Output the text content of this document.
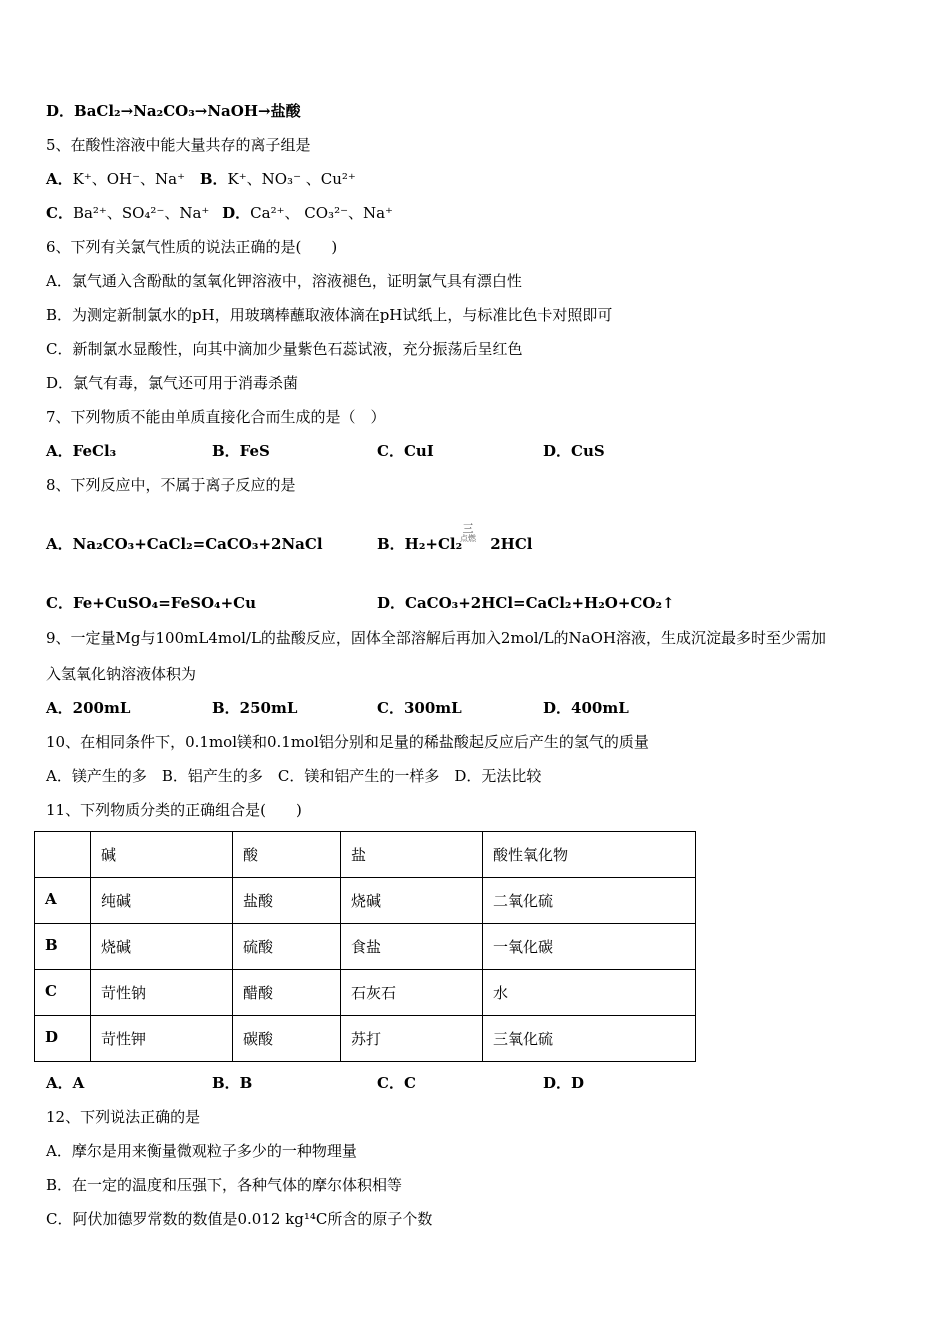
D．BaCl₂→Na₂CO₃→NaOH→盐酸
5、在酸性溶液中能大量共存的离子组是
A．K⁺、OH⁻、Na⁺ B．K⁺、NO₃⁻ 、Cu²⁺
C．Ba²⁺、SO₄²⁻、Na⁺ D．Ca²⁺、 CO₃²⁻、Na⁺
6、下列有关氯气性质的说法正确的是(　　)
A．氯气通入含酚酞的氢氧化钾溶液中，溶液褪色，证明氯气具有漂白性
B．为测定新制氯水的pH，用玻璃棒蘸取液体滴在pH试纸上，与标准比色卡对照即可
C．新制氯水显酸性，向其中滴加少量紫色石蕊试液，充分振荡后呈红色
D．氯气有毒，氯气还可用于消毒杀菌
7、下列物质不能由单质直接化合而生成的是（　）
A．FeCl₃	B．FeS	C．CuI	D．CuS
8、下列反应中，不属于离子反应的是
A．Na₂CO₃+CaCl₂=CaCO₃+2NaCl	B．H₂+Cl₂ 2HCl
三
点燃
C．Fe+CuSO₄=FeSO₄+Cu	D．CaCO₃+2HCl=CaCl₂+H₂O+CO₂↑
9、一定量Mg与100mL4mol/L的盐酸反应，固体全部溶解后再加入2mol/L的NaOH溶液，生成沉淀最多时至少需加
入氢氧化钠溶液体积为
A．200mL	B．250mL	C．300mL	D．400mL
10、在相同条件下，0.1mol镁和0.1mol铝分别和足量的稀盐酸起反应后产生的氢气的质量
A．镁产生的多　B．铝产生的多　C．镁和铝产生的一样多　D．无法比较
11、下列物质分类的正确组合是(　　)
	碱	酸	盐	酸性氧化物
A	纯碱	盐酸	烧碱	二氧化硫
B	烧碱	硫酸	食盐	一氧化碳
C	苛性钠	醋酸	石灰石	水
D	苛性钾	碳酸	苏打	三氧化硫
A．A	B．B	C．C	D．D
12、下列说法正确的是
A．摩尔是用来衡量微观粒子多少的一种物理量
B．在一定的温度和压强下，各种气体的摩尔体积相等
C．阿伏加德罗常数的数值是0.012 kg¹⁴C所含的原子个数
